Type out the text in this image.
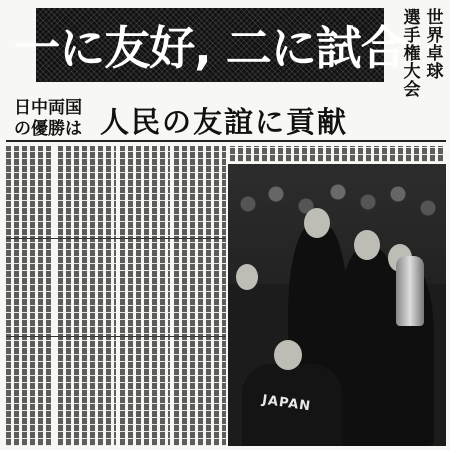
一に友好, 二に試合 世界卓球
選手権大会
日中両国
の優勝は 人民の友誼に貢献
JAPAN
